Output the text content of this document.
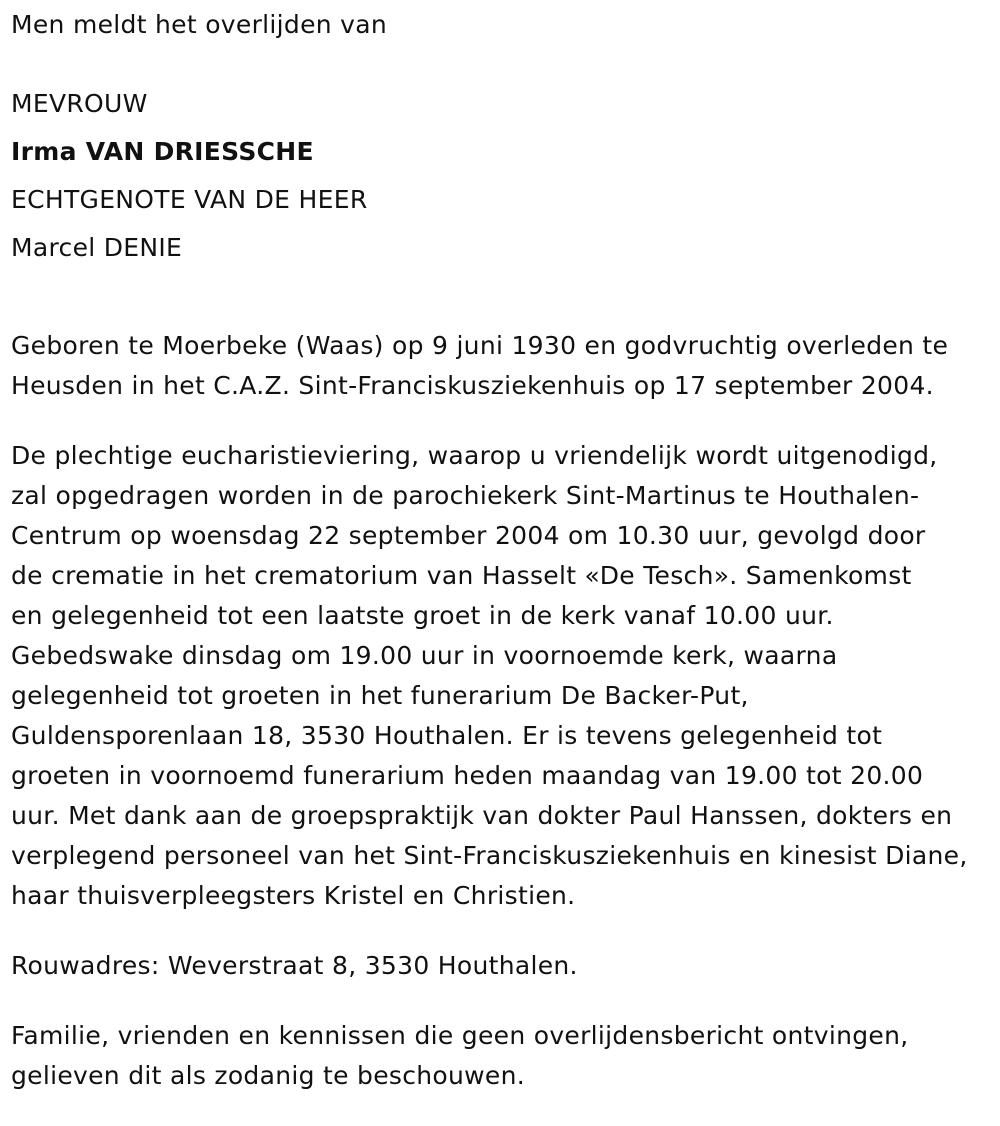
Men meldt het overlijden van
MEVROUW
Irma VAN DRIESSCHE
ECHTGENOTE VAN DE HEER
Marcel DENIE
Geboren te Moerbeke (Waas) op 9 juni 1930 en godvruchtig overleden te
Heusden in het C.A.Z. Sint-Franciskusziekenhuis op 17 september 2004.
De plechtige eucharistieviering, waarop u vriendelijk wordt uitgenodigd,
zal opgedragen worden in de parochiekerk Sint-Martinus te Houthalen-
Centrum op woensdag 22 september 2004 om 10.30 uur, gevolgd door
de crematie in het crematorium van Hasselt «De Tesch». Samenkomst
en gelegenheid tot een laatste groet in de kerk vanaf 10.00 uur.
Gebedswake dinsdag om 19.00 uur in voornoemde kerk, waarna
gelegenheid tot groeten in het funerarium De Backer-Put,
Guldensporenlaan 18, 3530 Houthalen. Er is tevens gelegenheid tot
groeten in voornoemd funerarium heden maandag van 19.00 tot 20.00
uur. Met dank aan de groepspraktijk van dokter Paul Hanssen, dokters en
verplegend personeel van het Sint-Franciskusziekenhuis en kinesist Diane,
haar thuisverpleegsters Kristel en Christien.
Rouwadres: Weverstraat 8, 3530 Houthalen.
Familie, vrienden en kennissen die geen overlijdensbericht ontvingen,
gelieven dit als zodanig te beschouwen.
